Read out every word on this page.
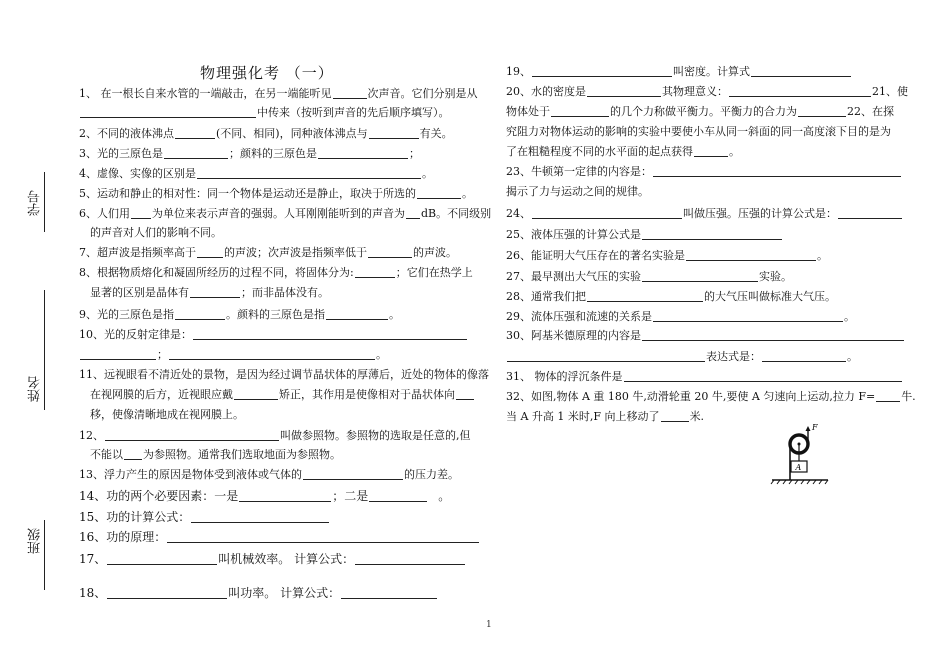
学号
姓名
班级
物理强化考 （一）
1、 在一根长自来水管的一端敲击，在另一端能听见	次声音。它们分别是从
中传来（按听到声音的先后顺序填写）。
2、不同的液体沸点	(不同、相同)，同种液体沸点与	有关。
3、光的三原色是	；颜料的三原色是	；
4、虚像、实像的区别是	。
5、运动和静止的相对性：同一个物体是运动还是静止，取决于所选的	。
6、人们用 为单位来表示声音的强弱。人耳刚刚能听到的声音为 dB。不同级别
的声音对人们的影响不同。
7、超声波是指频率高于	的声波；次声波是指频率低于	的声波。
8、根据物质熔化和凝固所经历的过程不同，将固体分为:	；它们在热学上
显著的区别是晶体有	；而非晶体没有。
9、光的三原色是指	。颜料的三原色是指	。
10、光的反射定律是：
；	。
11、远视眼看不清近处的景物，是因为经过调节晶状体的厚薄后，近处的物体的像落
在视网膜的后方，近视眼应戴	矫正，其作用是使像相对于晶状体向
移，使像清晰地成在视网膜上。
12、	叫做参照物。参照物的选取是任意的,但
不能以 为参照物。通常我们选取地面为参照物。
13、浮力产生的原因是物体受到液体或气体的	的压力差。
14、功的两个必要因素：一是	；二是	。
15、功的计算公式：
16、功的原理：
17、	叫机械效率。 计算公式：
18、	叫功率。 计算公式：
19、	叫密度。计算式
20、水的密度是	其物理意义：	21、使
物体处于	的几个力称做平衡力。平衡力的合力为	22、在探
究阻力对物体运动的影响的实验中要使小车从同一斜面的同一高度滚下目的是为
了在粗糙程度不同的水平面的起点获得	。
23、牛顿第一定律的内容是：
揭示了力与运动之间的规律。
24、	叫做压强。压强的计算公式是：
25、液体压强的计算公式是
26、能证明大气压存在的著名实验是	。
27、最早测出大气压的实验	实验。
28、通常我们把	的大气压叫做标准大气压。
29、流体压强和流速的关系是	。
30、阿基米德原理的内容是
表达式是：	。
31、 物体的浮沉条件是
32、如图,物体 A 重 180 牛,动滑轮重 20 牛,要使 A 匀速向上运动,拉力 F= 牛.
当 A 升高 1 米时,F 向上移动了	米.
F
A
1
